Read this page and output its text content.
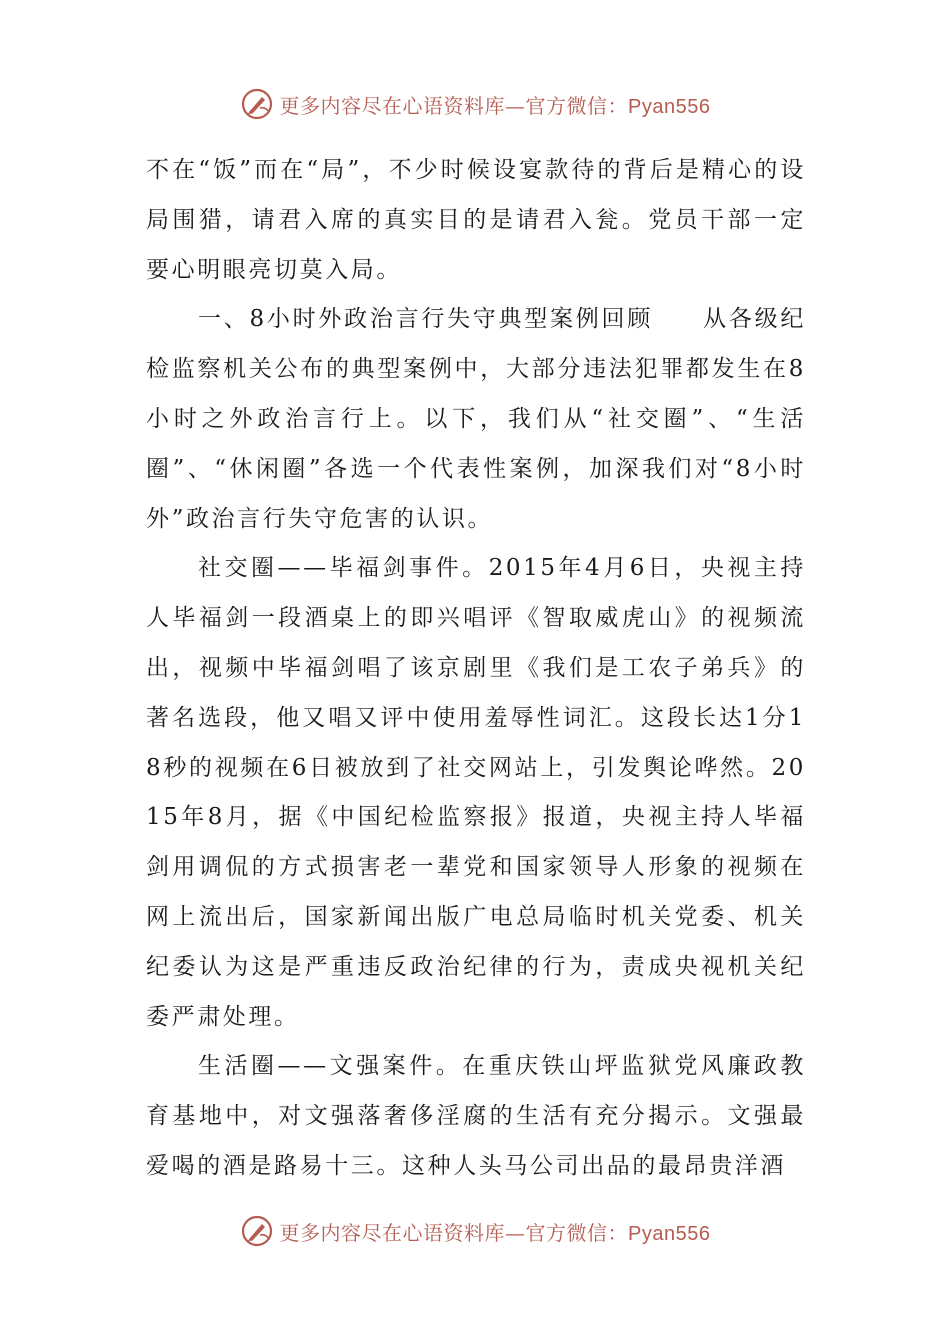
更多内容尽在心语资料库—官方微信：Pyan556

不在“饭”而在“局”，不少时候设宴款待的背后是精心的设局围猎，请君入席的真实目的是请君入瓮。党员干部一定要心明眼亮切莫入局。

一、8小时外政治言行失守典型案例回顾 从各级纪检监察机关公布的典型案例中，大部分违法犯罪都发生在8小时之外政治言行上。以下，我们从“社交圈”、“生活圈”、“休闲圈”各选一个代表性案例，加深我们对“8小时外”政治言行失守危害的认识。

社交圈——毕福剑事件。2015年4月6日，央视主持人毕福剑一段酒桌上的即兴唱评《智取威虎山》的视频流出，视频中毕福剑唱了该京剧里《我们是工农子弟兵》的著名选段，他又唱又评中使用羞辱性词汇。这段长达1分18秒的视频在6日被放到了社交网站上，引发舆论哗然。2015年8月，据《中国纪检监察报》报道，央视主持人毕福剑用调侃的方式损害老一辈党和国家领导人形象的视频在网上流出后，国家新闻出版广电总局临时机关党委、机关纪委认为这是严重违反政治纪律的行为，责成央视机关纪委严肃处理。

生活圈——文强案件。在重庆铁山坪监狱党风廉政教育基地中，对文强落奢侈淫腐的生活有充分揭示。文强最爱喝的酒是路易十三。这种人头马公司出品的最昂贵洋酒

更多内容尽在心语资料库—官方微信：Pyan556
